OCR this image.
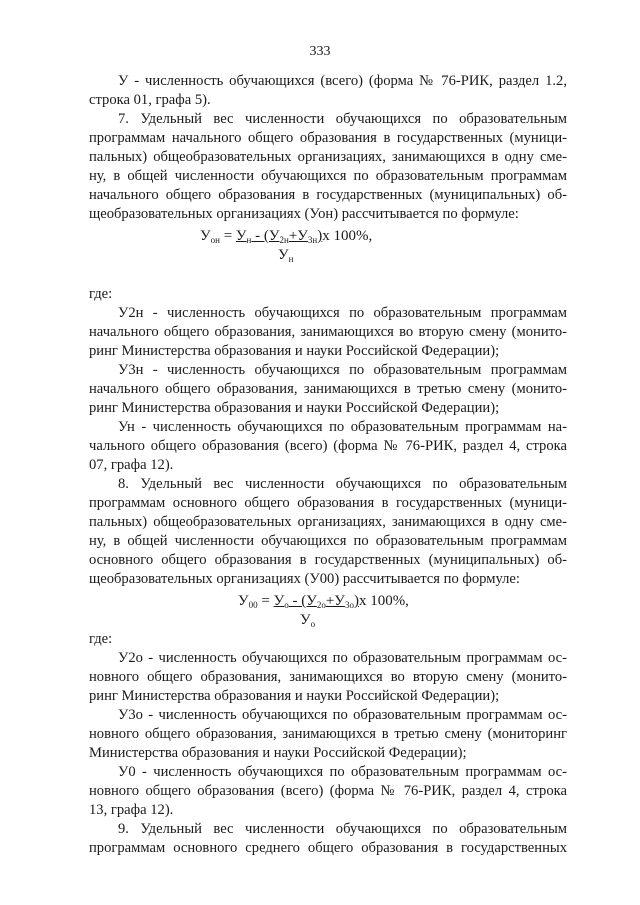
333
У - численность обучающихся (всего) (форма № 76-РИК, раздел 1.2,
строка 01, графа 5).
7. Удельный вес численности обучающихся по образовательным
программам начального общего образования в государственных (муници-
пальных) общеобразовательных организациях, занимающихся в одну сме-
ну, в общей численности обучающихся по образовательным программам
начального общего образования в государственных (муниципальных) об-
щеобразовательных организациях (Уон) рассчитывается по формуле:
$У_{он} = У_н - (У_{2н}+У_{3н})х$ 100%,
$У_н$
где:
У2н - численность обучающихся по образовательным программам
начального общего образования, занимающихся во вторую смену (монито-
ринг Министерства образования и науки Российской Федерации);
У3н - численность обучающихся по образовательным программам
начального общего образования, занимающихся в третью смену (монито-
ринг Министерства образования и науки Российской Федерации);
Ун - численность обучающихся по образовательным программам на-
чального общего образования (всего) (форма № 76-РИК, раздел 4, строка
07, графа 12).
8. Удельный вес численности обучающихся по образовательным
программам основного общего образования в государственных (муници-
пальных) общеобразовательных организациях, занимающихся в одну сме-
ну, в общей численности обучающихся по образовательным программам
основного общего образования в государственных (муниципальных) об-
щеобразовательных организациях (У00) рассчитывается по формуле:
$У_{00} = У_о - (У_{2о}+У_{3о})х$ 100%,
$У_о$
где:
У2о - численность обучающихся по образовательным программам ос-
новного общего образования, занимающихся во вторую смену (монито-
ринг Министерства образования и науки Российской Федерации);
У3о - численность обучающихся по образовательным программам ос-
новного общего образования, занимающихся в третью смену (мониторинг
Министерства образования и науки Российской Федерации);
У0 - численность обучающихся по образовательным программам ос-
новного общего образования (всего) (форма № 76-РИК, раздел 4, строка
13, графа 12).
9. Удельный вес численности обучающихся по образовательным
программам основного среднего общего образования в государственных
